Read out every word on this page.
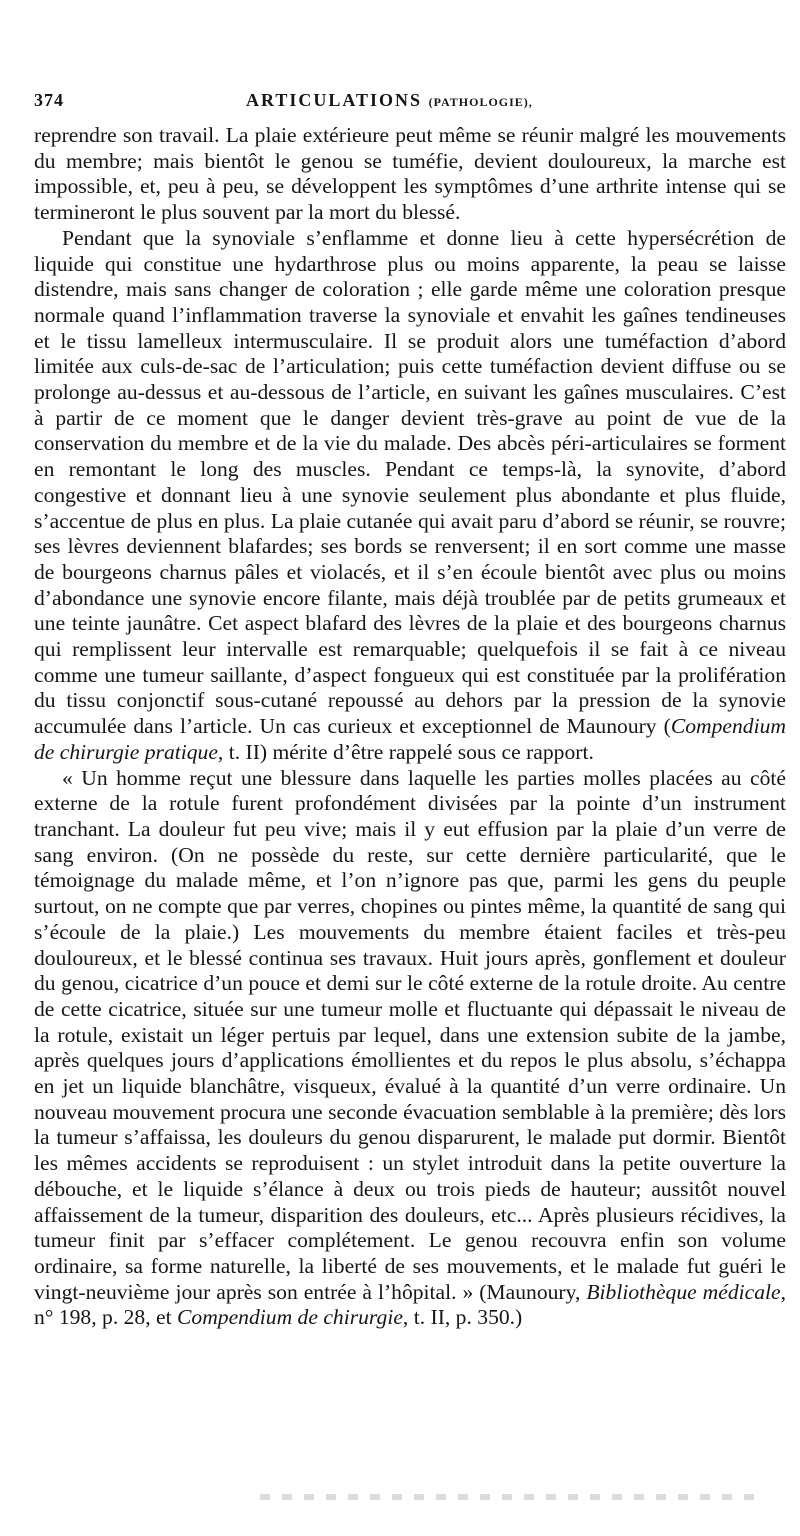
374	ARTICULATIONS (PATHOLOGIE),

reprendre son travail. La plaie extérieure peut même se réunir malgré les mouvements du membre; mais bientôt le genou se tuméfie, devient douloureux, la marche est impossible, et, peu à peu, se développent les symptômes d’une arthrite intense qui se termineront le plus souvent par la mort du blessé.

Pendant que la synoviale s’enflamme et donne lieu à cette hypersécrétion de liquide qui constitue une hydarthrose plus ou moins apparente, la peau se laisse distendre, mais sans changer de coloration ; elle garde même une coloration presque normale quand l’inflammation traverse la synoviale et envahit les gaînes tendineuses et le tissu lamelleux intermusculaire. Il se produit alors une tuméfaction d’abord limitée aux culs-de-sac de l’articulation; puis cette tuméfaction devient diffuse ou se prolonge au-dessus et au-dessous de l’article, en suivant les gaînes musculaires. C’est à partir de ce moment que le danger devient très-grave au point de vue de la conservation du membre et de la vie du malade. Des abcès péri-articulaires se forment en remontant le long des muscles. Pendant ce temps-là, la synovite, d’abord congestive et donnant lieu à une synovie seulement plus abondante et plus fluide, s’accentue de plus en plus. La plaie cutanée qui avait paru d’abord se réunir, se rouvre; ses lèvres deviennent blafardes; ses bords se renversent; il en sort comme une masse de bourgeons charnus pâles et violacés, et il s’en écoule bientôt avec plus ou moins d’abondance une synovie encore filante, mais déjà troublée par de petits grumeaux et une teinte jaunâtre. Cet aspect blafard des lèvres de la plaie et des bourgeons charnus qui remplissent leur intervalle est remarquable; quelquefois il se fait à ce niveau comme une tumeur saillante, d’aspect fongueux qui est constituée par la prolifération du tissu conjonctif sous-cutané repoussé au dehors par la pression de la synovie accumulée dans l’article. Un cas curieux et exceptionnel de Maunoury (Compendium de chirurgie pratique, t. II) mérite d’être rappelé sous ce rapport.

« Un homme reçut une blessure dans laquelle les parties molles placées au côté externe de la rotule furent profondément divisées par la pointe d’un instrument tranchant. La douleur fut peu vive; mais il y eut effusion par la plaie d’un verre de sang environ. (On ne possède du reste, sur cette dernière particularité, que le témoignage du malade même, et l’on n’ignore pas que, parmi les gens du peuple surtout, on ne compte que par verres, chopines ou pintes même, la quantité de sang qui s’écoule de la plaie.) Les mouvements du membre étaient faciles et très-peu douloureux, et le blessé continua ses travaux. Huit jours après, gonflement et douleur du genou, cicatrice d’un pouce et demi sur le côté externe de la rotule droite. Au centre de cette cicatrice, située sur une tumeur molle et fluctuante qui dépassait le niveau de la rotule, existait un léger pertuis par lequel, dans une extension subite de la jambe, après quelques jours d’applications émollientes et du repos le plus absolu, s’échappa en jet un liquide blanchâtre, visqueux, évalué à la quantité d’un verre ordinaire. Un nouveau mouvement procura une seconde évacuation semblable à la première; dès lors la tumeur s’affaissa, les douleurs du genou disparurent, le malade put dormir. Bientôt les mêmes accidents se reproduisent : un stylet introduit dans la petite ouverture la débouche, et le liquide s’élance à deux ou trois pieds de hauteur; aussitôt nouvel affaissement de la tumeur, disparition des douleurs, etc... Après plusieurs récidives, la tumeur finit par s’effacer complétement. Le genou recouvra enfin son volume ordinaire, sa forme naturelle, la liberté de ses mouvements, et le malade fut guéri le vingt-neuvième jour après son entrée à l’hôpital. » (Maunoury, Bibliothèque médicale, n° 198, p. 28, et Compendium de chirurgie, t. II, p. 350.)
